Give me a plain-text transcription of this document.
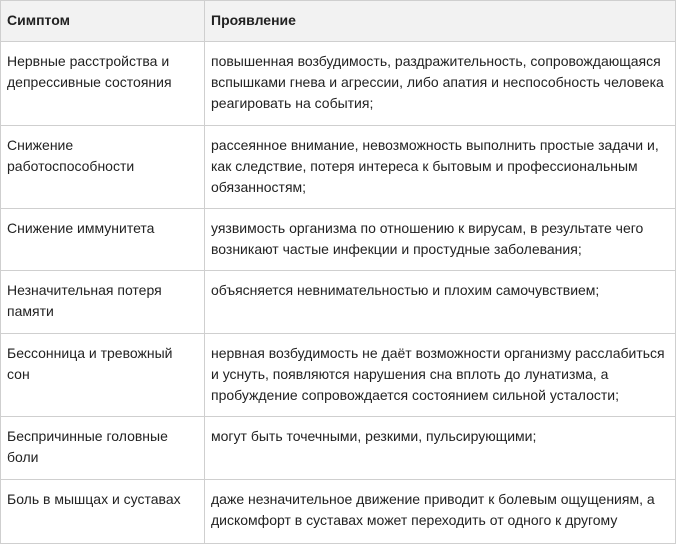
Симптом	Проявление
Нервные расстройства и депрессивные состояния	повышенная возбудимость, раздражительность, сопровождающаяся вспышками гнева и агрессии, либо апатия и неспособность человека реагировать на события;
Снижение работоспособности	рассеянное внимание, невозможность выполнить простые задачи и, как следствие, потеря интереса к бытовым и профессиональным обязанностям;
Снижение иммунитета	уязвимость организма по отношению к вирусам, в результате чего возникают частые инфекции и простудные заболевания;
Незначительная потеря памяти	объясняется невнимательностью и плохим самочувствием;
Бессонница и тревожный сон	нервная возбудимость не даёт возможности организму расслабиться и уснуть, появляются нарушения сна вплоть до лунатизма, а пробуждение сопровождается состоянием сильной усталости;
Беспричинные головные боли	могут быть точечными, резкими, пульсирующими;
Боль в мышцах и суставах	даже незначительное движение приводит к болевым ощущениям, а дискомфорт в суставах может переходить от одного к другому
